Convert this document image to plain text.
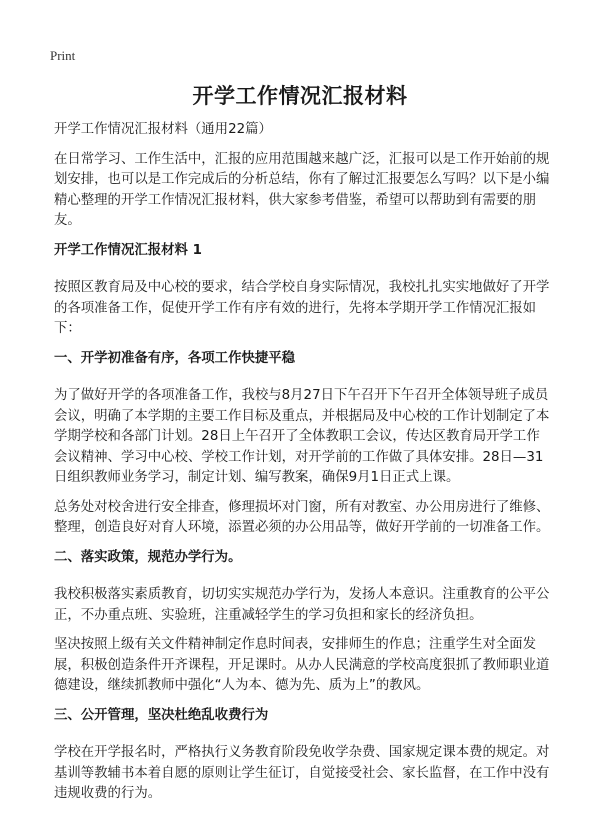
Print
开学工作情况汇报材料

开学工作情况汇报材料（通用22篇）

在日常学习、工作生活中，汇报的应用范围越来越广泛，汇报可以是工作开始前的规划安排，也可以是工作完成后的分析总结，你有了解过汇报要怎么写吗？以下是小编精心整理的开学工作情况汇报材料，供大家参考借鉴，希望可以帮助到有需要的朋友。

开学工作情况汇报材料 1

按照区教育局及中心校的要求，结合学校自身实际情况，我校扎扎实实地做好了开学的各项准备工作，促使开学工作有序有效的进行，先将本学期开学工作情况汇报如下：

一、开学初准备有序，各项工作快捷平稳

为了做好开学的各项准备工作，我校与8月27日下午召开下午召开全体领导班子成员会议，明确了本学期的主要工作目标及重点，并根据局及中心校的工作计划制定了本学期学校和各部门计划。28日上午召开了全体教职工会议，传达区教育局开学工作会议精神、学习中心校、学校工作计划，对开学前的工作做了具体安排。28日—31日组织教师业务学习，制定计划、编写教案，确保9月1日正式上课。

总务处对校舍进行安全排查，修理损坏对门窗，所有对教室、办公用房进行了维修、整理，创造良好对育人环境，添置必须的办公用品等，做好开学前的一切准备工作。

二、落实政策，规范办学行为。

我校积极落实素质教育，切切实实规范办学行为，发扬人本意识。注重教育的公平公正，不办重点班、实验班，注重减轻学生的学习负担和家长的经济负担。

坚决按照上级有关文件精神制定作息时间表，安排师生的作息；注重学生对全面发展，积极创造条件开齐课程，开足课时。从办人民满意的学校高度狠抓了教师职业道德建设，继续抓教师中强化“人为本、德为先、质为上”的教风。

三、公开管理，坚决杜绝乱收费行为

学校在开学报名时，严格执行义务教育阶段免收学杂费、国家规定课本费的规定。对基训等教辅书本着自愿的原则让学生征订，自觉接受社会、家长监督，在工作中没有违规收费的行为。
